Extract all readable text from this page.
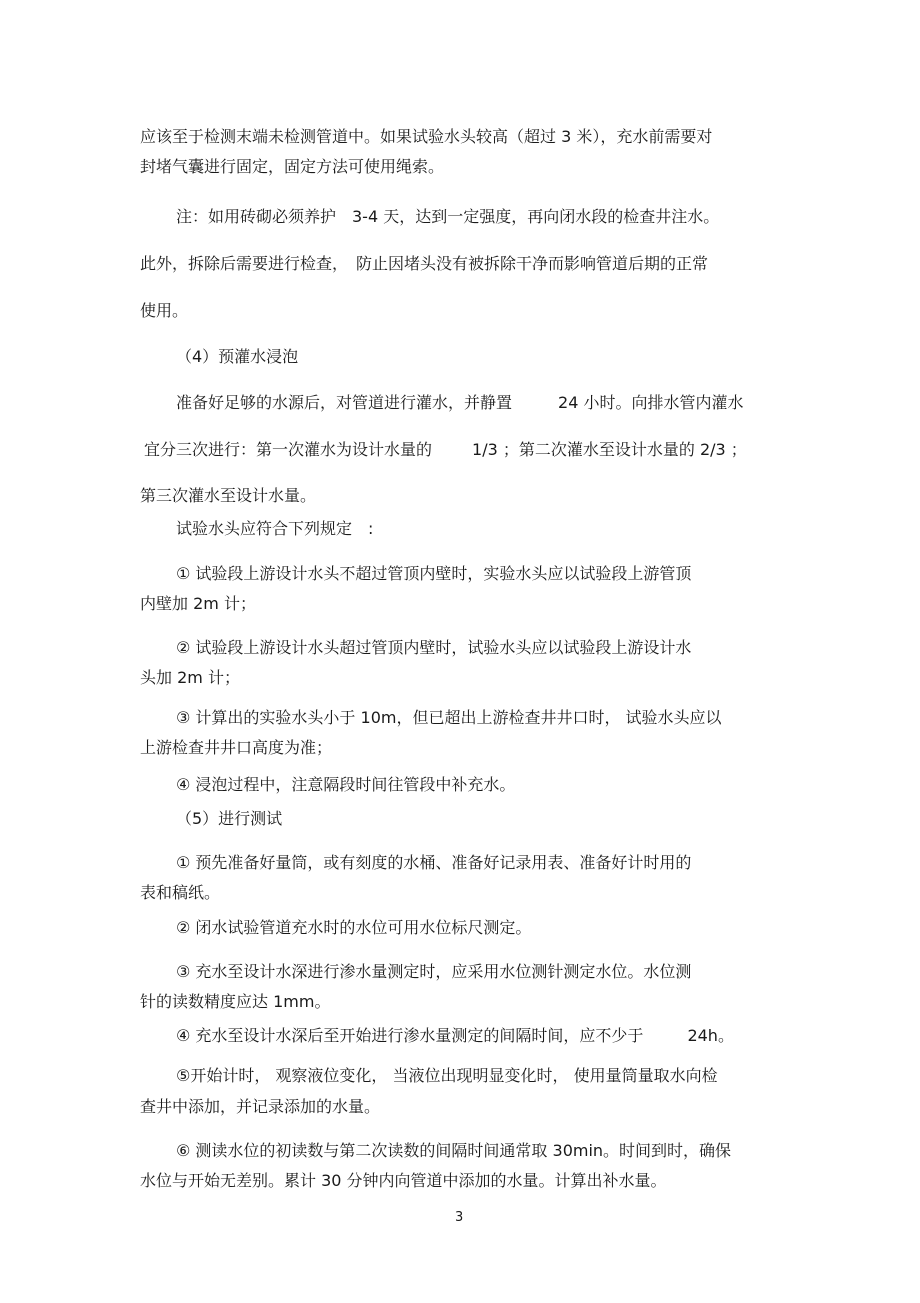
应该至于检测末端未检测管道中。如果试验水头较高（超过 3 米），充水前需要对
封堵气囊进行固定，固定方法可使用绳索。
注：如用砖砌必须养护　3-4 天，达到一定强度，再向闭水段的检查井注水。
此外，拆除后需要进行检查，　防止因堵头没有被拆除干净而影响管道后期的正常
使用。
（4）预灌水浸泡
准备好足够的水源后，对管道进行灌水，并静置	24 小时。向排水管内灌水
宜分三次进行：第一次灌水为设计水量的	1/3 ；第二次灌水至设计水量的 2/3 ；
第三次灌水至设计水量。
试验水头应符合下列规定　:
① 试验段上游设计水头不超过管顶内壁时，实验水头应以试验段上游管顶
内壁加 2m 计；
② 试验段上游设计水头超过管顶内壁时，试验水头应以试验段上游设计水
头加 2m 计；
③ 计算出的实验水头小于 10m，但已超出上游检查井井口时， 试验水头应以
上游检查井井口高度为准；
④ 浸泡过程中，注意隔段时间往管段中补充水。
（5）进行测试
① 预先准备好量筒，或有刻度的水桶、准备好记录用表、准备好计时用的
表和稿纸。
② 闭水试验管道充水时的水位可用水位标尺测定。
③ 充水至设计水深进行渗水量测定时，应采用水位测针测定水位。水位测
针的读数精度应达 1mm。
④ 充水至设计水深后至开始进行渗水量测定的间隔时间，应不少于	24h。
⑤开始计时， 观察液位变化， 当液位出现明显变化时， 使用量筒量取水向检
查井中添加，并记录添加的水量。
⑥ 测读水位的初读数与第二次读数的间隔时间通常取 30min。时间到时，确保
水位与开始无差别。累计 30 分钟内向管道中添加的水量。计算出补水量。
3
